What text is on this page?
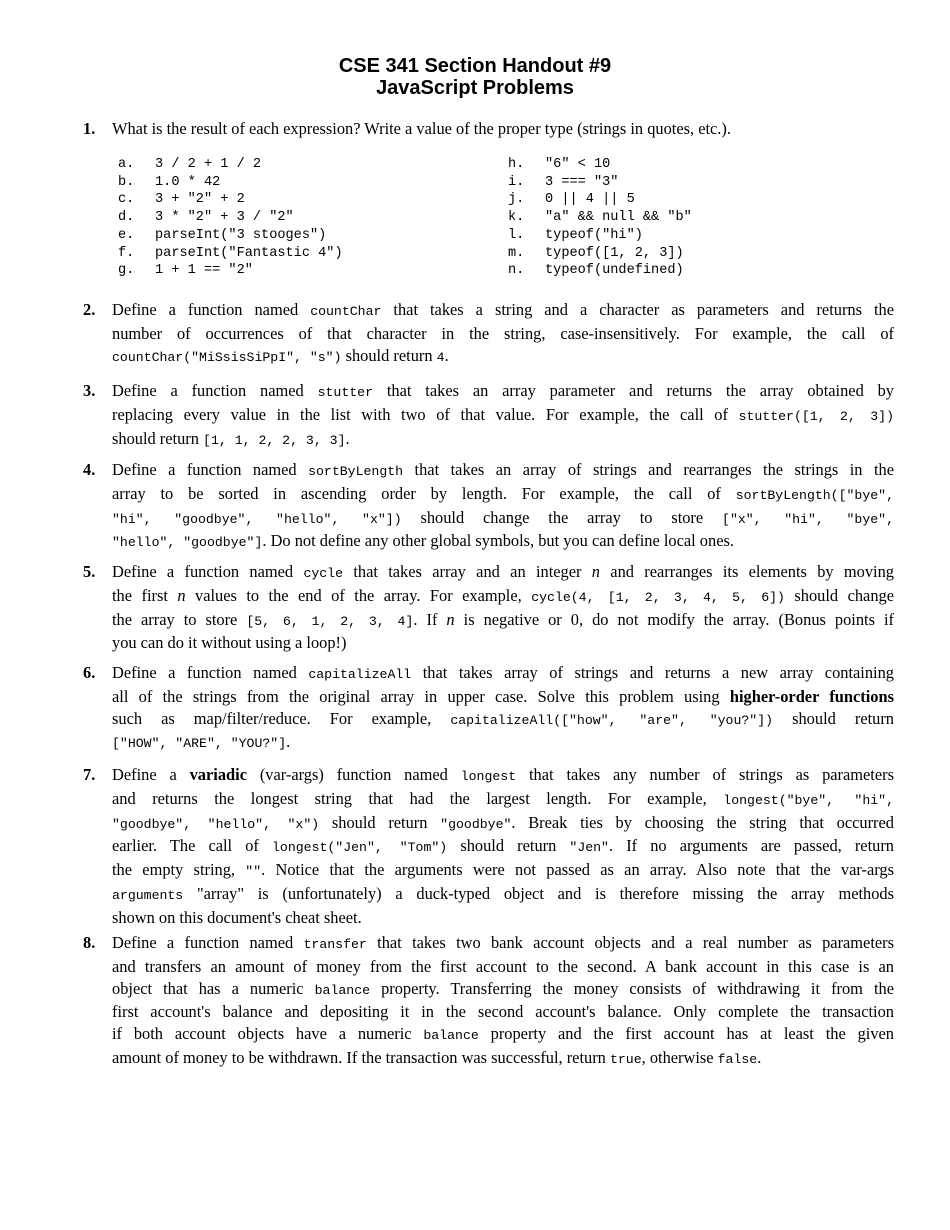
CSE 341 Section Handout #9
JavaScript Problems
1. What is the result of each expression? Write a value of the proper type (strings in quotes, etc.).
a. 3 / 2 + 1 / 2
b. 1.0 * 42
c. 3 + "2" + 2
d. 3 * "2" + 3 / "2"
e. parseInt("3 stooges")
f. parseInt("Fantastic 4")
g. 1 + 1 == "2"
h. "6" < 10
i. 3 === "3"
j. 0 || 4 || 5
k. "a" && null && "b"
l. typeof("hi")
m. typeof([1, 2, 3])
n. typeof(undefined)
2. Define a function named countChar that takes a string and a character as parameters and returns the
number of occurrences of that character in the string, case-insensitively. For example, the call of
countChar("MiSsisSiPpI", "s") should return 4.
3. Define a function named stutter that takes an array parameter and returns the array obtained by
replacing every value in the list with two of that value. For example, the call of stutter([1, 2, 3])
should return [1, 1, 2, 2, 3, 3].
4. Define a function named sortByLength that takes an array of strings and rearranges the strings in the
array to be sorted in ascending order by length. For example, the call of sortByLength(["bye",
"hi", "goodbye", "hello", "x"]) should change the array to store ["x", "hi", "bye",
"hello", "goodbye"]. Do not define any other global symbols, but you can define local ones.
5. Define a function named cycle that takes array and an integer n and rearranges its elements by moving
the first n values to the end of the array. For example, cycle(4, [1, 2, 3, 4, 5, 6]) should change
the array to store [5, 6, 1, 2, 3, 4]. If n is negative or 0, do not modify the array. (Bonus points if
you can do it without using a loop!)
6. Define a function named capitalizeAll that takes array of strings and returns a new array containing
all of the strings from the original array in upper case. Solve this problem using higher-order functions
such as map/filter/reduce. For example, capitalizeAll(["how", "are", "you?"]) should return
["HOW", "ARE", "YOU?"].
7. Define a variadic (var-args) function named longest that takes any number of strings as parameters
and returns the longest string that had the largest length. For example, longest("bye", "hi",
"goodbye", "hello", "x") should return "goodbye". Break ties by choosing the string that occurred
earlier. The call of longest("Jen", "Tom") should return "Jen". If no arguments are passed, return
the empty string, "". Notice that the arguments were not passed as an array. Also note that the var-args
arguments "array" is (unfortunately) a duck-typed object and is therefore missing the array methods
shown on this document's cheat sheet.
8. Define a function named transfer that takes two bank account objects and a real number as parameters
and transfers an amount of money from the first account to the second. A bank account in this case is an
object that has a numeric balance property. Transferring the money consists of withdrawing it from the
first account's balance and depositing it in the second account's balance. Only complete the transaction
if both account objects have a numeric balance property and the first account has at least the given
amount of money to be withdrawn. If the transaction was successful, return true, otherwise false.
